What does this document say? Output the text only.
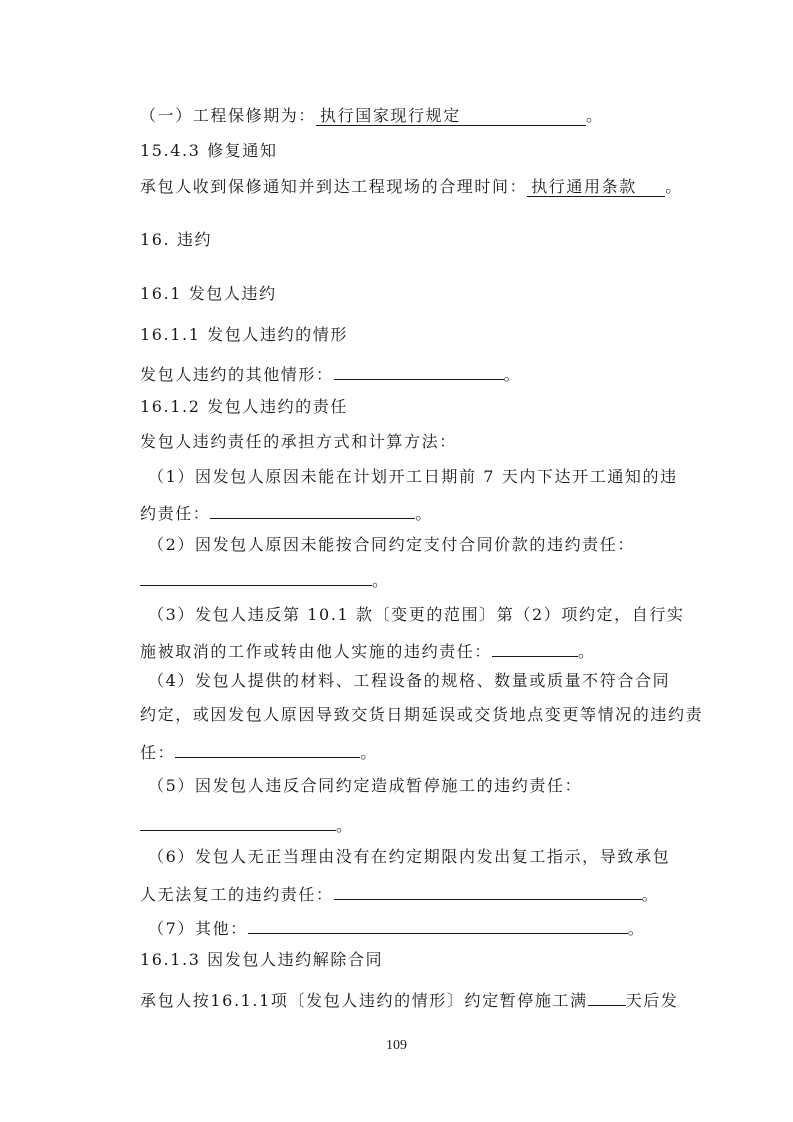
（一）工程保修期为： 执行国家现行规定	。
15.4.3 修复通知
承包人收到保修通知并到达工程现场的合理时间： 执行通用条款 。
16. 违约
16.1 发包人违约
16.1.1 发包人违约的情形
发包人违约的其他情形：	。
16.1.2 发包人违约的责任
发包人违约责任的承担方式和计算方法：
（1）因发包人原因未能在计划开工日期前 7 天内下达开工通知的违
约责任：	。
（2）因发包人原因未能按合同约定支付合同价款的违约责任：
。
（3）发包人违反第 10.1 款〔变更的范围〕第（2）项约定，自行实
施被取消的工作或转由他人实施的违约责任：	。
（4）发包人提供的材料、工程设备的规格、数量或质量不符合合同
约定，或因发包人原因导致交货日期延误或交货地点变更等情况的违约责
任：	。
（5）因发包人违反合同约定造成暂停施工的违约责任：
。
（6）发包人无正当理由没有在约定期限内发出复工指示，导致承包
人无法复工的违约责任：	。
（7）其他：	。
16.1.3 因发包人违约解除合同
承包人按16.1.1项〔发包人违约的情形〕约定暂停施工满 天后发
109
